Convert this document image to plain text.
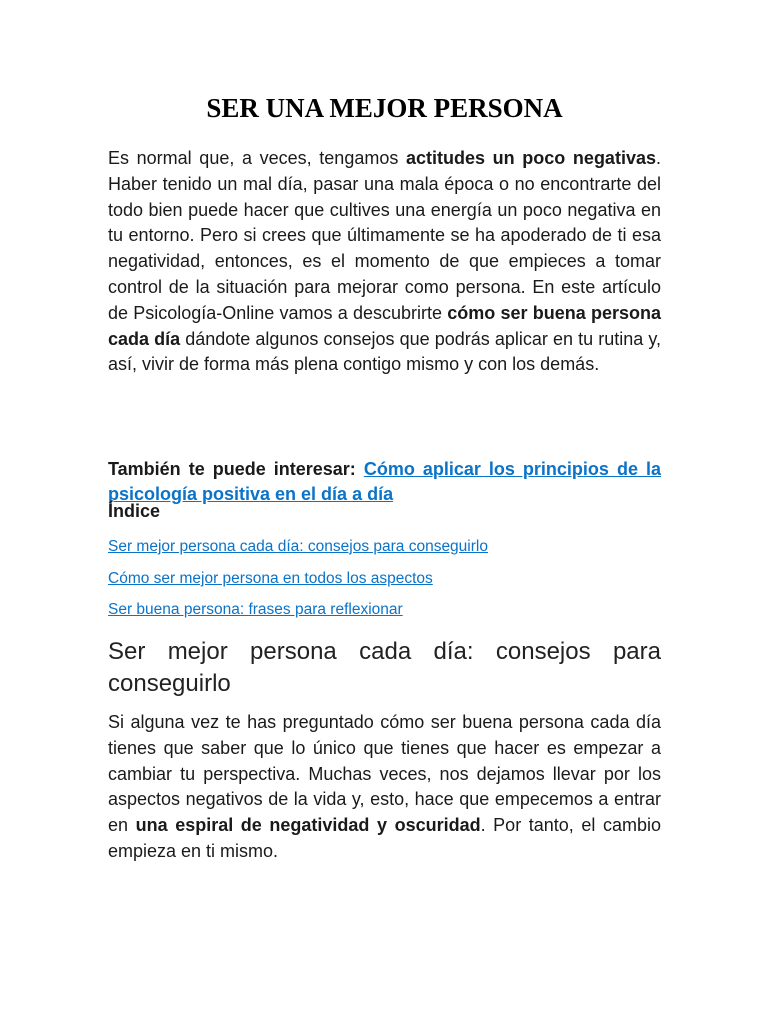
SER UNA MEJOR PERSONA

Es normal que, a veces, tengamos actitudes un poco negativas. Haber tenido un mal día, pasar una mala época o no encontrarte del todo bien puede hacer que cultives una energía un poco negativa en tu entorno. Pero si crees que últimamente se ha apoderado de ti esa negatividad, entonces, es el momento de que empieces a tomar control de la situación para mejorar como persona. En este artículo de Psicología-Online vamos a descubrirte cómo ser buena persona cada día dándote algunos consejos que podrás aplicar en tu rutina y, así, vivir de forma más plena contigo mismo y con los demás.

También te puede interesar: Cómo aplicar los principios de la psicología positiva en el día a día

Índice

Ser mejor persona cada día: consejos para conseguirlo

Cómo ser mejor persona en todos los aspectos

Ser buena persona: frases para reflexionar

Ser mejor persona cada día: consejos para conseguirlo

Si alguna vez te has preguntado cómo ser buena persona cada día tienes que saber que lo único que tienes que hacer es empezar a cambiar tu perspectiva. Muchas veces, nos dejamos llevar por los aspectos negativos de la vida y, esto, hace que empecemos a entrar en una espiral de negatividad y oscuridad. Por tanto, el cambio empieza en ti mismo.
